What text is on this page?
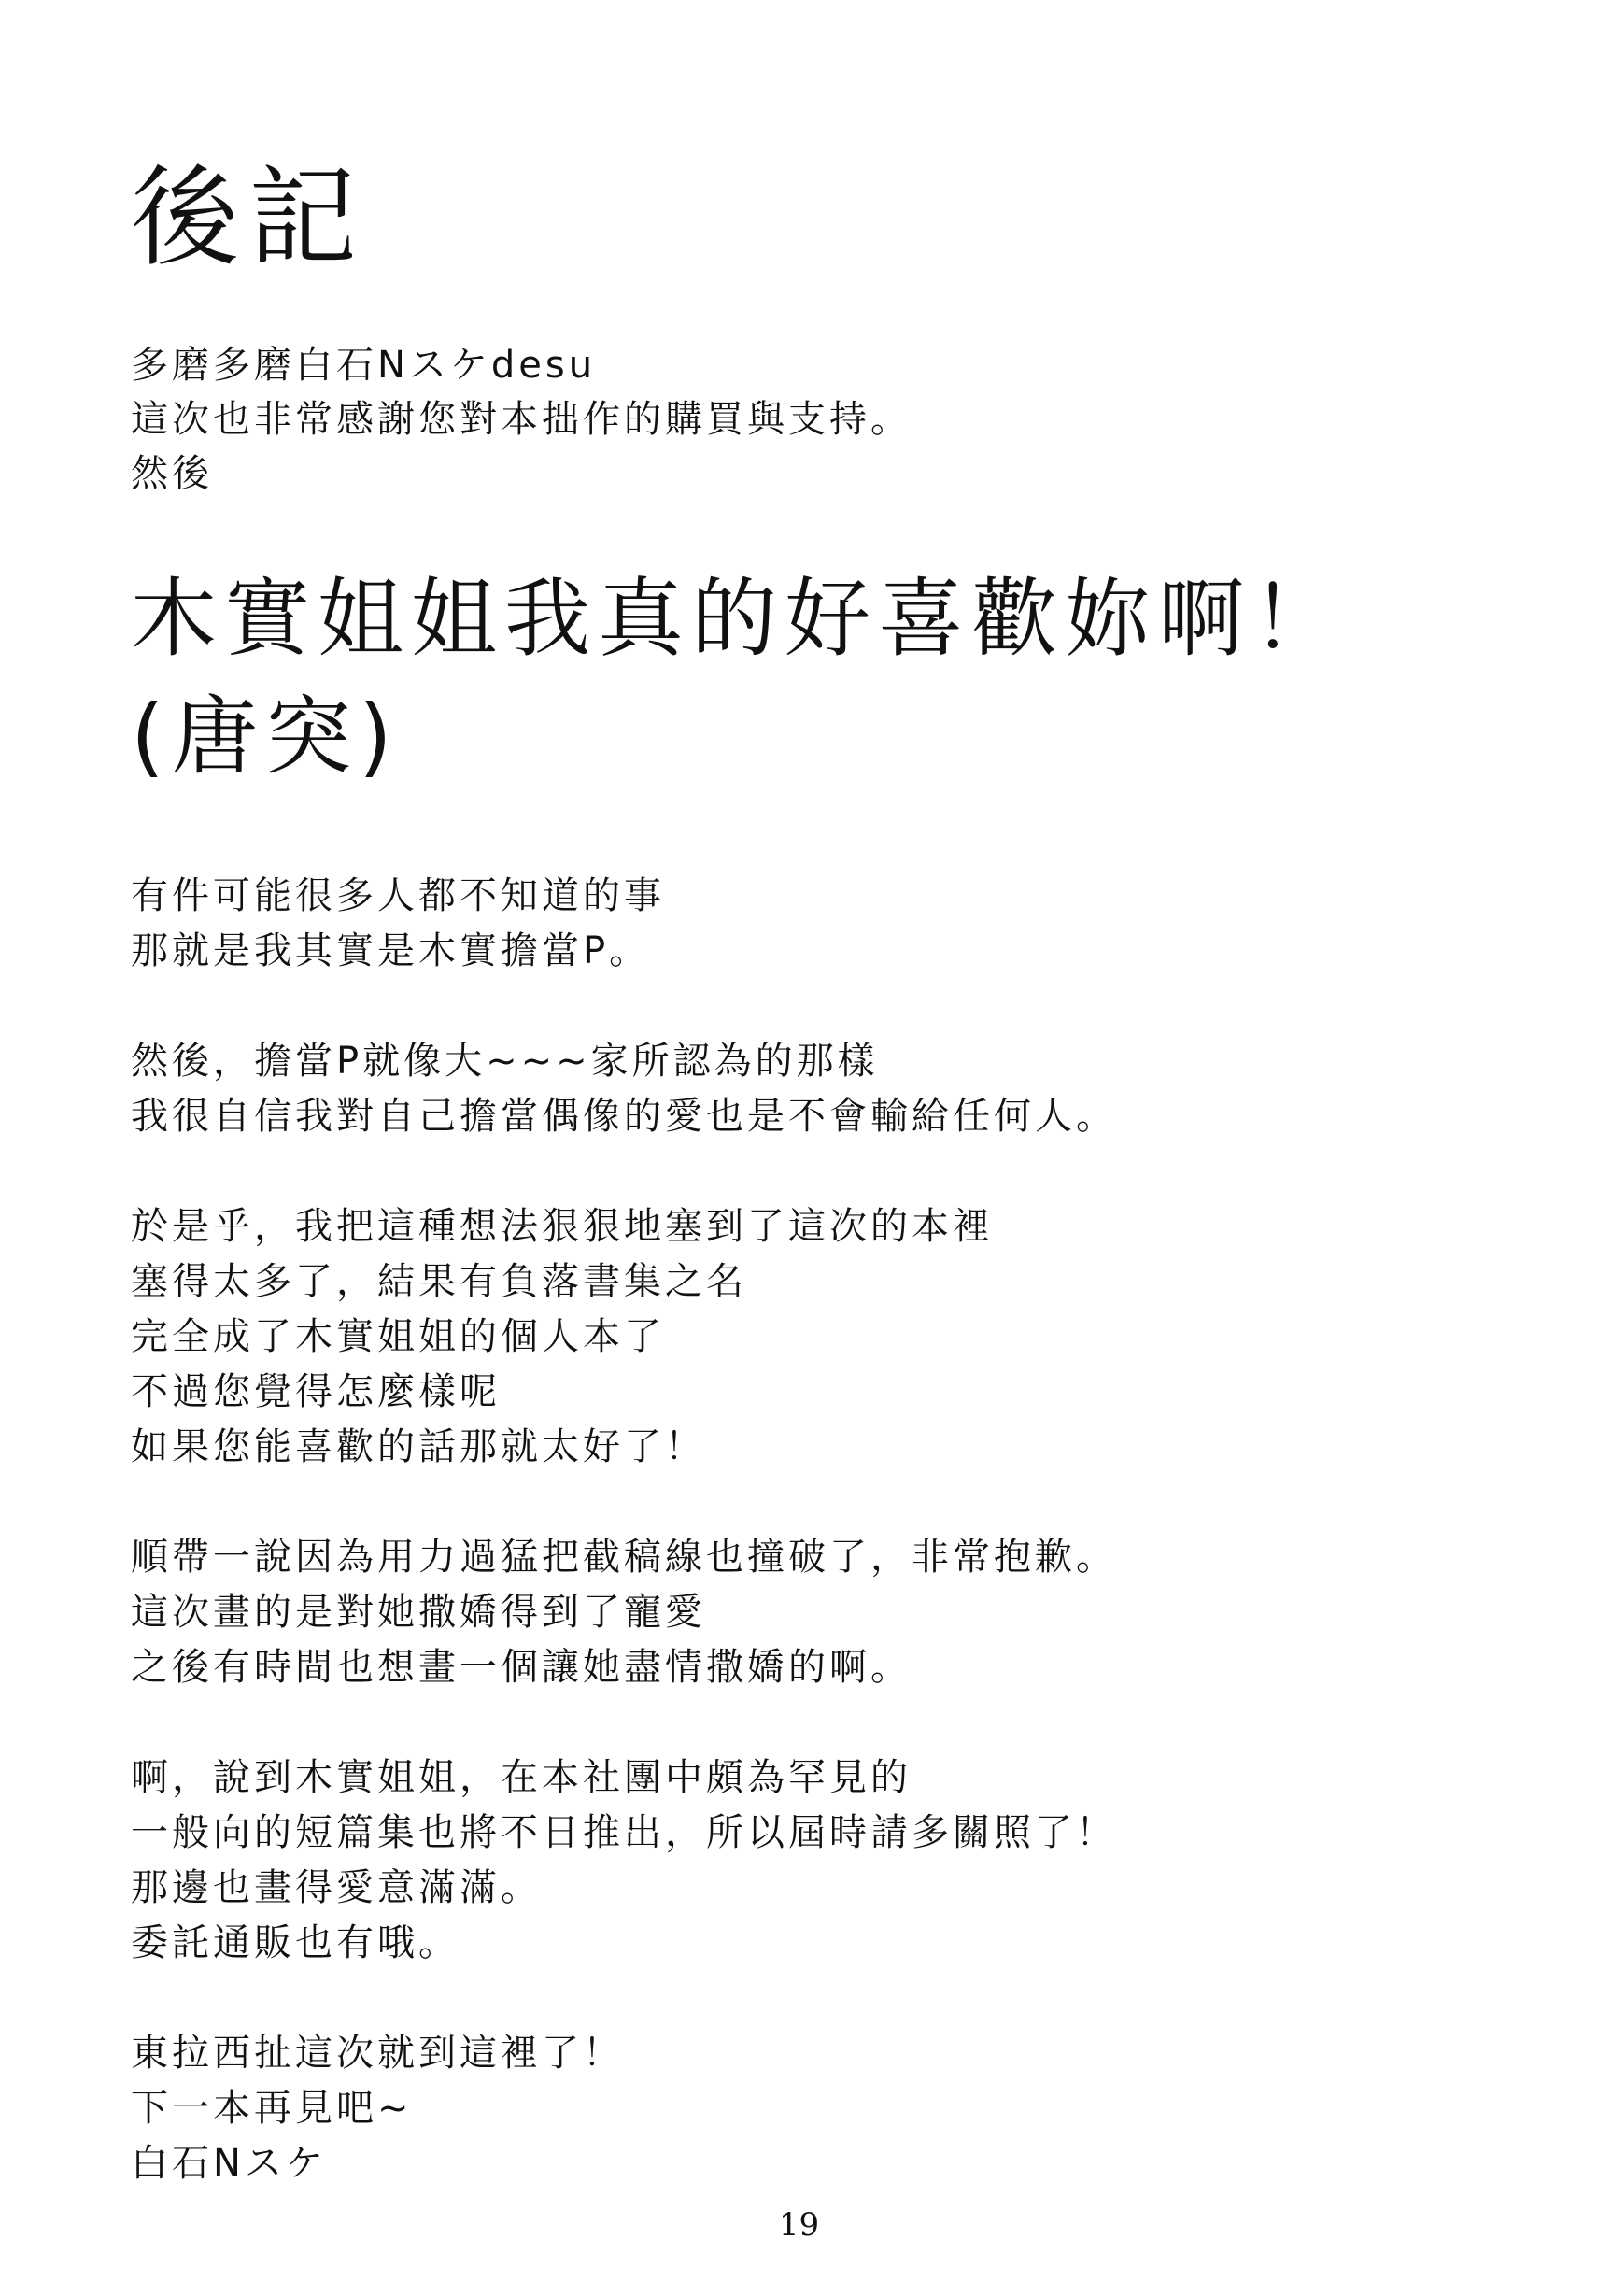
後記
多磨多磨白石Nスケdesu
這次也非常感謝您對本拙作的購買與支持。
然後
木實姐姐我真的好喜歡妳啊！
(唐突)
有件可能很多人都不知道的事
那就是我其實是木實擔當P。
然後，擔當P就像大~~~家所認為的那樣
我很自信我對自己擔當偶像的愛也是不會輸給任何人。
於是乎，我把這種想法狠狠地塞到了這次的本裡
塞得太多了，結果有負落書集之名
完全成了木實姐姐的個人本了
不過您覺得怎麼樣呢
如果您能喜歡的話那就太好了！
順帶一說因為用力過猛把截稿線也撞破了，非常抱歉。
這次畫的是對她撒嬌得到了寵愛
之後有時間也想畫一個讓她盡情撒嬌的啊。
啊，說到木實姐姐，在本社團中頗為罕見的
一般向的短篇集也將不日推出，所以屆時請多關照了！
那邊也畫得愛意滿滿。
委託通販也有哦。
東拉西扯這次就到這裡了！
下一本再見吧~
白石Nスケ
19
